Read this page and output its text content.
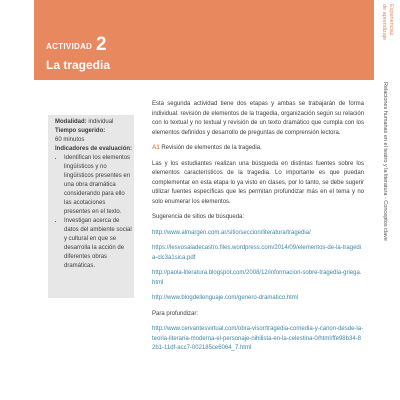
ACTIVIDAD 2
La tragedia
Experiencias
de aprendizaje
Relaciones humanas en el teatro y la literatura - Conceptos clave
Modalidad: individual
Tiempo sugerido:
60 minutos
Indicadores de evaluación:
• Identifican los elementos lingüísticos y no lingüísticos presentes en una obra dramática considerando para ello las acotaciones presentes en el texto.
• Investigan acerca de datos del ambiente social y cultural en que se desarrolla la acción de diferentes obras dramáticas.

Esta segunda actividad tiene dos etapas y ambas se trabajarán de forma individual: revisión de elementos de la tragedia, organización según su relación con lo textual y no textual y revisión de un texto dramático que cumpla con los elementos definidos y desarrollo de preguntas de comprensión lectora.

A1 Revisión de elementos de la tragedia.

Las y los estudiantes realizan una búsqueda en distintas fuentes sobre los elementos característicos de la tragedia. Lo importante es que puedan complementar en esta etapa lo ya visto en clases, por lo tanto, se debe sugerir utilizar fuentes específicas que les permitan profundizar más en el tema y no solo enumerar los elementos.

Sugerencia de sitios de búsqueda:

http://www.almargen.com.ar/sitio/seccion/literatura/tragedia/
https://lesvosaladecastro.files.wordpress.com/2014/09/elementos-de-la-tragedia-clc3a1sica.pdf
http://paola-literatura.blogspot.com/2008/12/informacion-sobre-tragedia-griega.html
http://www.blogdellenguaje.com/genero-dramatico.html

Para profundizar:

http://www.cervantesvirtual.com/obra-visor/tragedia-comedia-y-canon-desde-la-teoria-literaria-moderna-el-personaje-nihilista-en-la-celestina-0/html/ffe98b34-82b1-11df-acc7-002185ce6064_7.html
